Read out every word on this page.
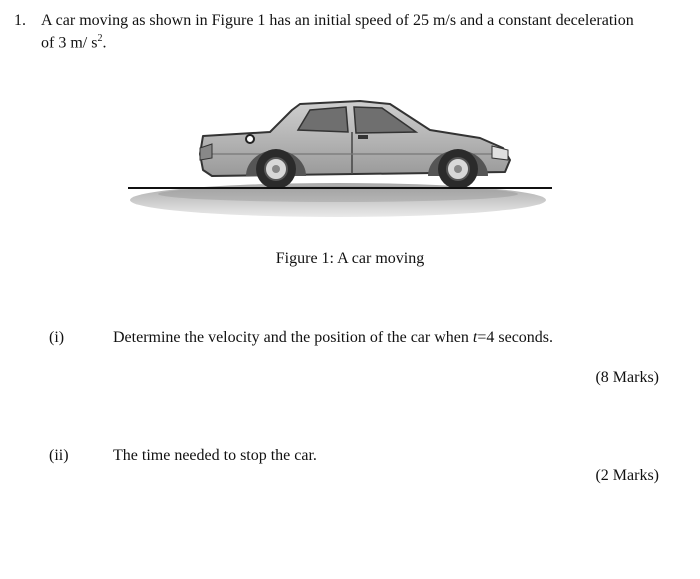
1. A car moving as shown in Figure 1 has an initial speed of 25 m/s and a constant deceleration
of 3 m/ $s^2$.
Figure 1: A car moving
(i)	Determine the velocity and the position of the car when t=4 seconds.
(8 Marks)
(ii)	The time needed to stop the car.
(2 Marks)
